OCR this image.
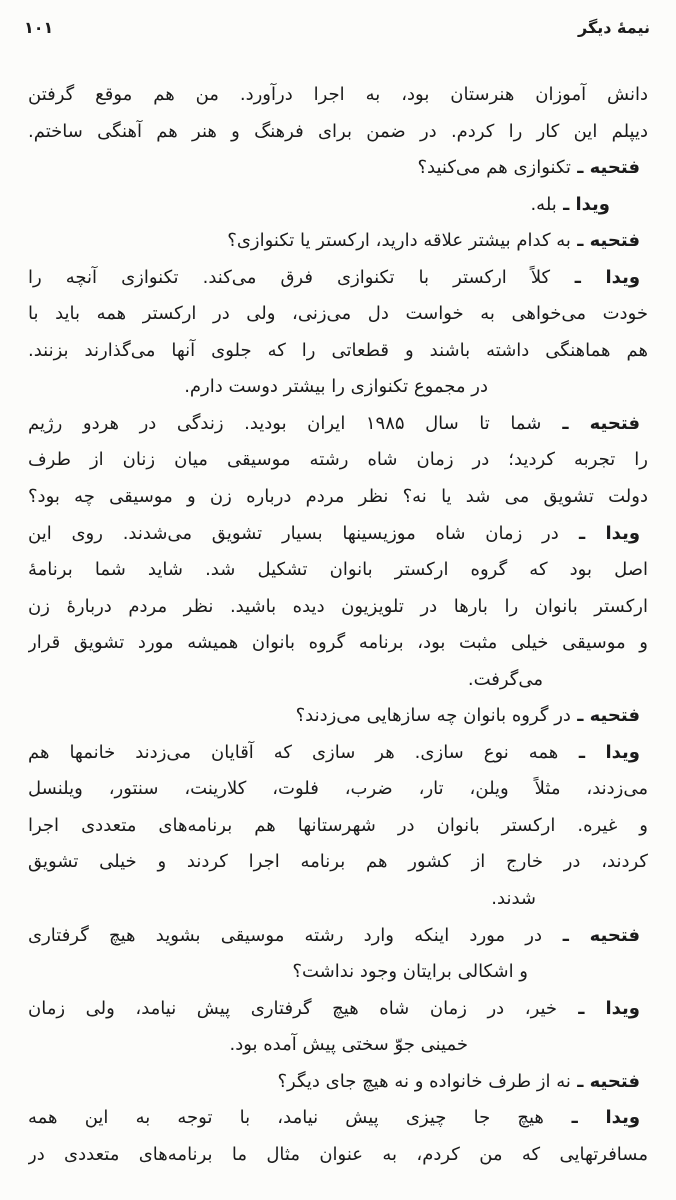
نیمۀ دیگر
۱۰۱
دانش آموزان هنرستان بود، به اجرا درآورد. من هم موقع گرفتن
دیپلم این کار را کردم. در ضمن برای فرهنگ و هنر هم آهنگی ساختم.
فتحیه ـ تکنوازی هم می‌کنید؟
ویدا ـ بله.
فتحیه ـ به کدام بیشتر علاقه دارید، ارکستر یا تکنوازی؟
ویدا ـ کلاً ارکستر با تکنوازی فرق می‌کند. تکنوازی آنچه را
خودت می‌خواهی به خواست دل می‌زنی، ولی در ارکستر همه باید با
هم هماهنگی داشته باشند و قطعاتی را که جلوی آنها می‌گذارند بزنند.
در مجموع تکنوازی را بیشتر دوست دارم.
فتحیه ـ شما تا سال ۱۹۸۵ ایران بودید. زندگی در هردو رژیم
را تجربه کردید؛ در زمان شاه رشته موسیقی میان زنان از طرف
دولت تشویق می شد یا نه؟ نظر مردم درباره زن و موسیقی چه بود؟
ویدا ـ در زمان شاه موزیسینها بسیار تشویق می‌شدند. روی این
اصل بود که گروه ارکستر بانوان تشکیل شد. شاید شما برنامۀ
ارکستر بانوان را بارها در تلویزیون دیده باشید. نظر مردم دربارۀ زن
و موسیقی خیلی مثبت بود، برنامه گروه بانوان همیشه مورد تشویق قرار
می‌گرفت.
فتحیه ـ در گروه بانوان چه سازهایی می‌زدند؟
ویدا ـ همه نوع سازی. هر سازی که آقایان می‌زدند خانمها هم
می‌زدند، مثلاً ویلن، تار، ضرب، فلوت، کلارینت، سنتور، ویلنسل
و غیره. ارکستر بانوان در شهرستانها هم برنامه‌های متعددی اجرا
کردند، در خارج از کشور هم برنامه اجرا کردند و خیلی تشویق
شدند.
فتحیه ـ در مورد اینکه وارد رشته موسیقی بشوید هیچ گرفتاری
و اشکالی برایتان وجود نداشت؟
ویدا ـ خیر، در زمان شاه هیچ گرفتاری پیش نیامد، ولی زمان
خمینی جوّ سختی پیش آمده بود.
فتحیه ـ نه از طرف خانواده و نه هیچ جای دیگر؟
ویدا ـ هیچ جا چیزی پیش نیامد، با توجه به این همه
مسافرتهایی که من کردم، به عنوان مثال ما برنامه‌های متعددی در
